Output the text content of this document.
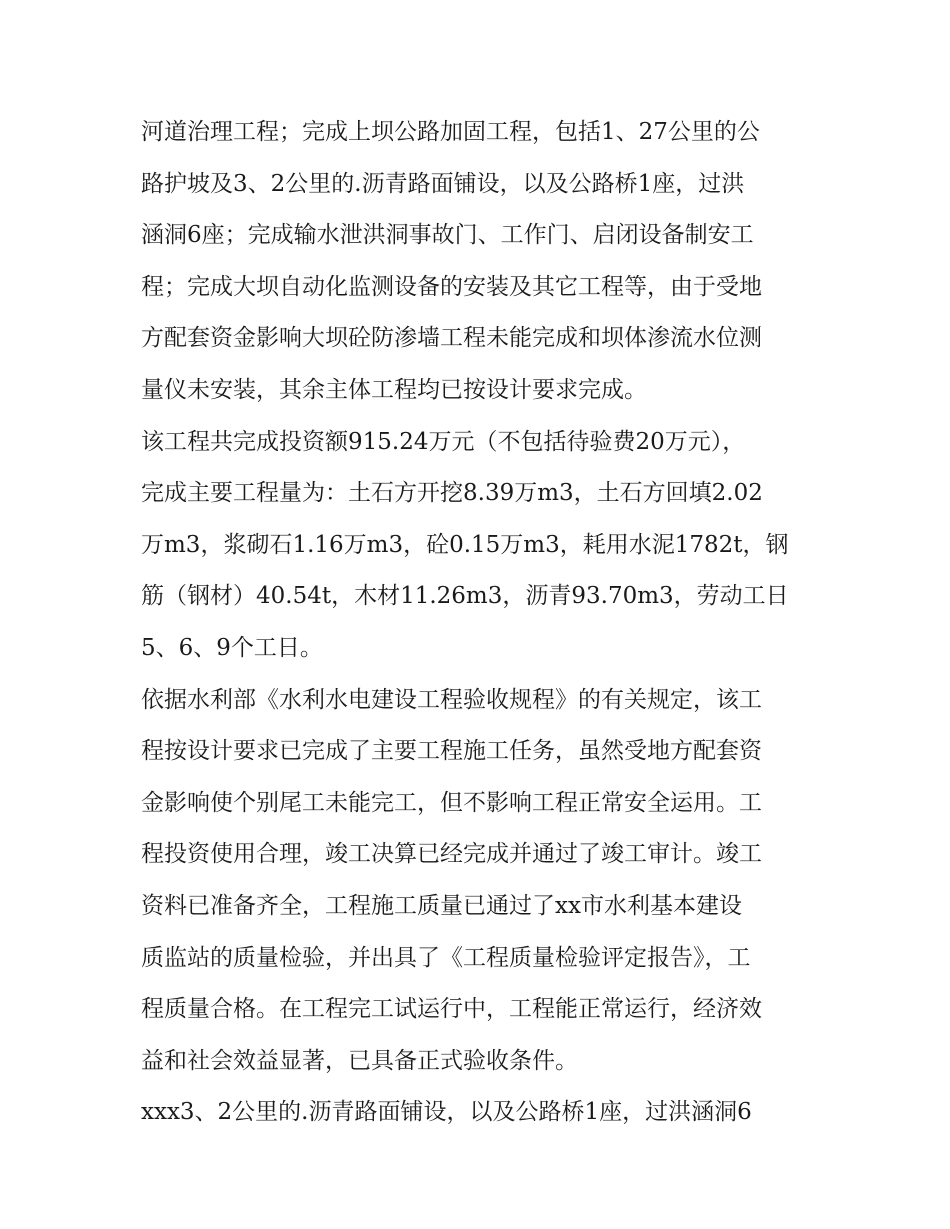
河道治理工程；完成上坝公路加固工程，包括1、27公里的公
路护坡及3、2公里的.沥青路面铺设，以及公路桥1座，过洪
涵洞6座；完成输水泄洪洞事故门、工作门、启闭设备制安工
程；完成大坝自动化监测设备的安装及其它工程等，由于受地
方配套资金影响大坝砼防渗墙工程未能完成和坝体渗流水位测
量仪未安装，其余主体工程均已按设计要求完成。
该工程共完成投资额915.24万元（不包括待验费20万元），
完成主要工程量为：土石方开挖8.39万m3，土石方回填2.02
万m3，浆砌石1.16万m3，砼0.15万m3，耗用水泥1782t，钢
筋（钢材）40.54t，木材11.26m3，沥青93.70m3，劳动工日
5、6、9个工日。
依据水利部《水利水电建设工程验收规程》的有关规定，该工
程按设计要求已完成了主要工程施工任务，虽然受地方配套资
金影响使个别尾工未能完工，但不影响工程正常安全运用。工
程投资使用合理，竣工决算已经完成并通过了竣工审计。竣工
资料已准备齐全，工程施工质量已通过了xx市水利基本建设
质监站的质量检验，并出具了《工程质量检验评定报告》，工
程质量合格。在工程完工试运行中，工程能正常运行，经济效
益和社会效益显著，已具备正式验收条件。
xxx3、2公里的.沥青路面铺设，以及公路桥1座，过洪涵洞6
